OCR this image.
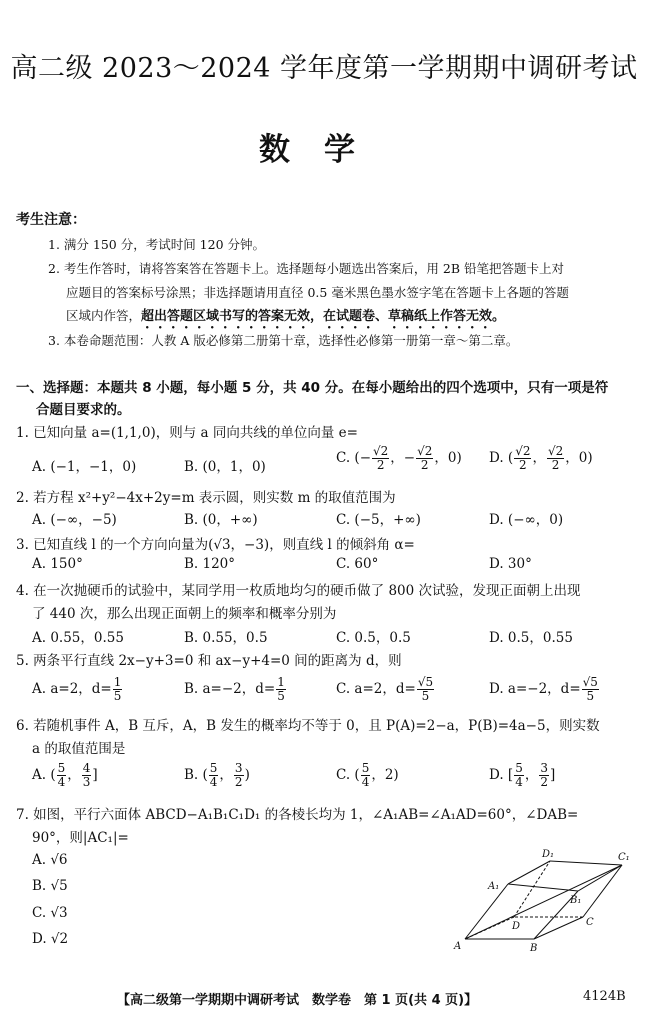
高二级 2023～2024 学年度第一学期期中调研考试
数学
考生注意：
1. 满分 150 分，考试时间 120 分钟。
2. 考生作答时，请将答案答在答题卡上。选择题每小题选出答案后，用 2B 铅笔把答题卡上对
应题目的答案标号涂黑；非选择题请用直径 0.5 毫米黑色墨水签字笔在答题卡上各题的答题
区域内作答，超出答题区域书写的答案无效，在试题卷、草稿纸上作答无效。
3. 本卷命题范围：人教 A 版必修第二册第十章，选择性必修第一册第一章～第二章。
一、选择题：本题共 8 小题，每小题 5 分，共 40 分。在每小题给出的四个选项中，只有一项是符
合题目要求的。
1. 已知向量 a=(1,1,0)，则与 a 同向共线的单位向量 e=
A. (−1，−1，0)	B. (0，1，0)
C. (− $\frac{√2}{2}$ ，− $\frac{√2}{2}$ ，0) D. ( $\frac{√2}{2}$ ， $\frac{√2}{2}$ ，0)
2. 若方程 x²+y²−4x+2y=m 表示圆，则实数 m 的取值范围为
A. (−∞，−5)	B. (0，+∞)	C. (−5，+∞)	D. (−∞，0)
3. 已知直线 l 的一个方向向量为(√3，−3)，则直线 l 的倾斜角 α=
A. 150°	B. 120°	C. 60°	D. 30°
4. 在一次抛硬币的试验中，某同学用一枚质地均匀的硬币做了 800 次试验，发现正面朝上出现
了 440 次，那么出现正面朝上的频率和概率分别为
A. 0.55，0.55	B. 0.55，0.5	C. 0.5，0.5	D. 0.5，0.55
5. 两条平行直线 2x−y+3=0 和 ax−y+4=0 间的距离为 d，则
A. a=2，$d= \frac{1}{5}$	B. a=−2，$d= \frac{1}{5}$	C. a=2，$d= \frac{√5}{5}$	D. a=−2，$d= \frac{√5}{5}$
6. 若随机事件 A，B 互斥，A，B 发生的概率均不等于 0，且 P(A)=2−a，P(B)=4a−5，则实数
a 的取值范围是
A. ( $\frac{5}{4}$ ， $\frac{4}{3}$ ]	B. ( $\frac{5}{4}$ ， $\frac{3}{2}$ )	C. ( $\frac{5}{4}$ ，2)	D. [ $\frac{5}{4}$ ， $\frac{3}{2}$ ]
7. 如图，平行六面体 ABCD−A₁B₁C₁D₁ 的各棱长均为 1，∠A₁AB=∠A₁AD=60°，∠DAB=
90°，则|AC₁|=
A. √6
B. √5
C. √3
D. √2	A	B
C
D
A₁
B₁
C₁
D₁
【高二级第一学期期中调研考试　数学卷　第 1 页(共 4 页)】	4124B
